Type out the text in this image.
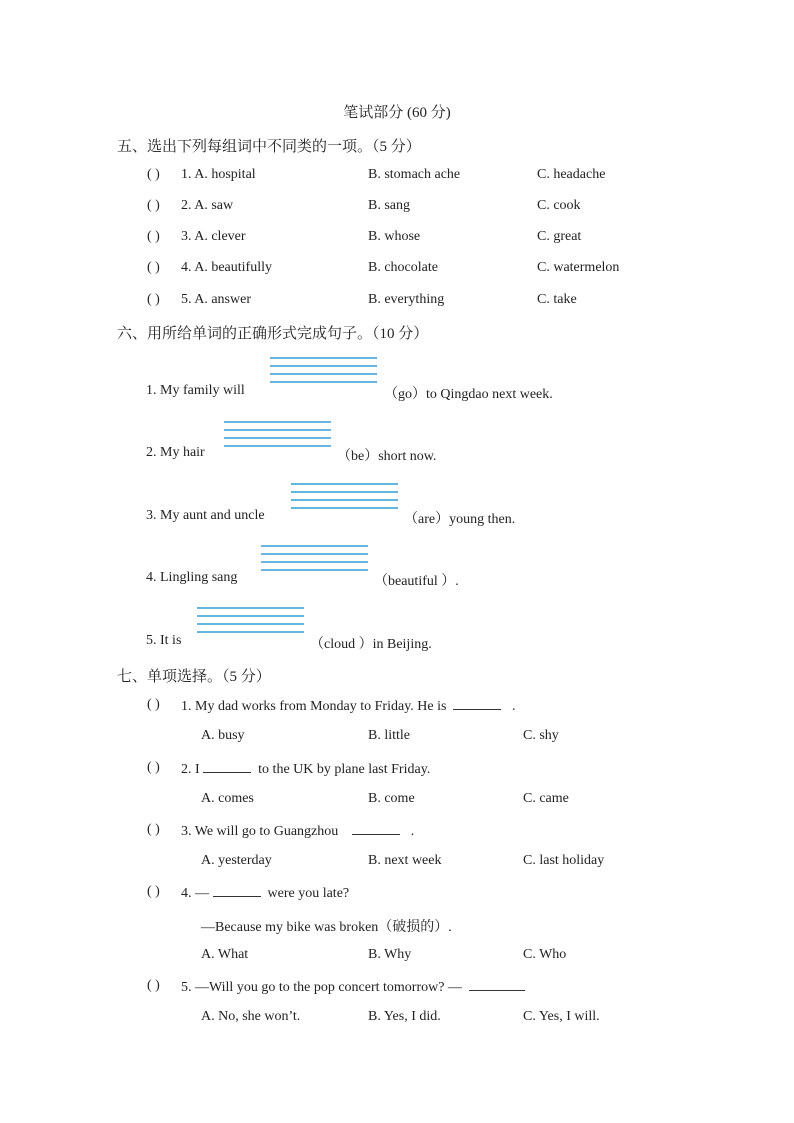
笔试部分 (60 分)
五、选出下列每组词中不同类的一项。（5 分）
( ) 1. A. hospital	B. stomach ache	C. headache
( ) 2. A. saw	B. sang	C. cook
( ) 3. A. clever	B. whose	C. great
( ) 4. A. beautifully	B. chocolate	C. watermelon
( ) 5. A. answer	B. everything	C. take
六、用所给单词的正确形式完成句子。（10 分）
1. My family will	（go）to Qingdao next week.
2. My hair	（be）short now.
3. My aunt and uncle	（are）young then.
4. Lingling sang	（beautiful ）.
5. It is	（cloud ）in Beijing.
七、单项选择。（5 分）
( ) 1. My dad works from Monday to Friday. He is	.
A. busy	B. little	C. shy
( ) 2. I	to the UK by plane last Friday.
A. comes	B. come	C. came
( ) 3. We will go to Guangzhou	.
A. yesterday	B. next week	C. last holiday
( ) 4. —	were you late?
—Because my bike was broken（破损的）.
A. What	B. Why	C. Who
( ) 5. —Will you go to the pop concert tomorrow? —
A. No, she won’t.	B. Yes, I did.	C. Yes, I will.
